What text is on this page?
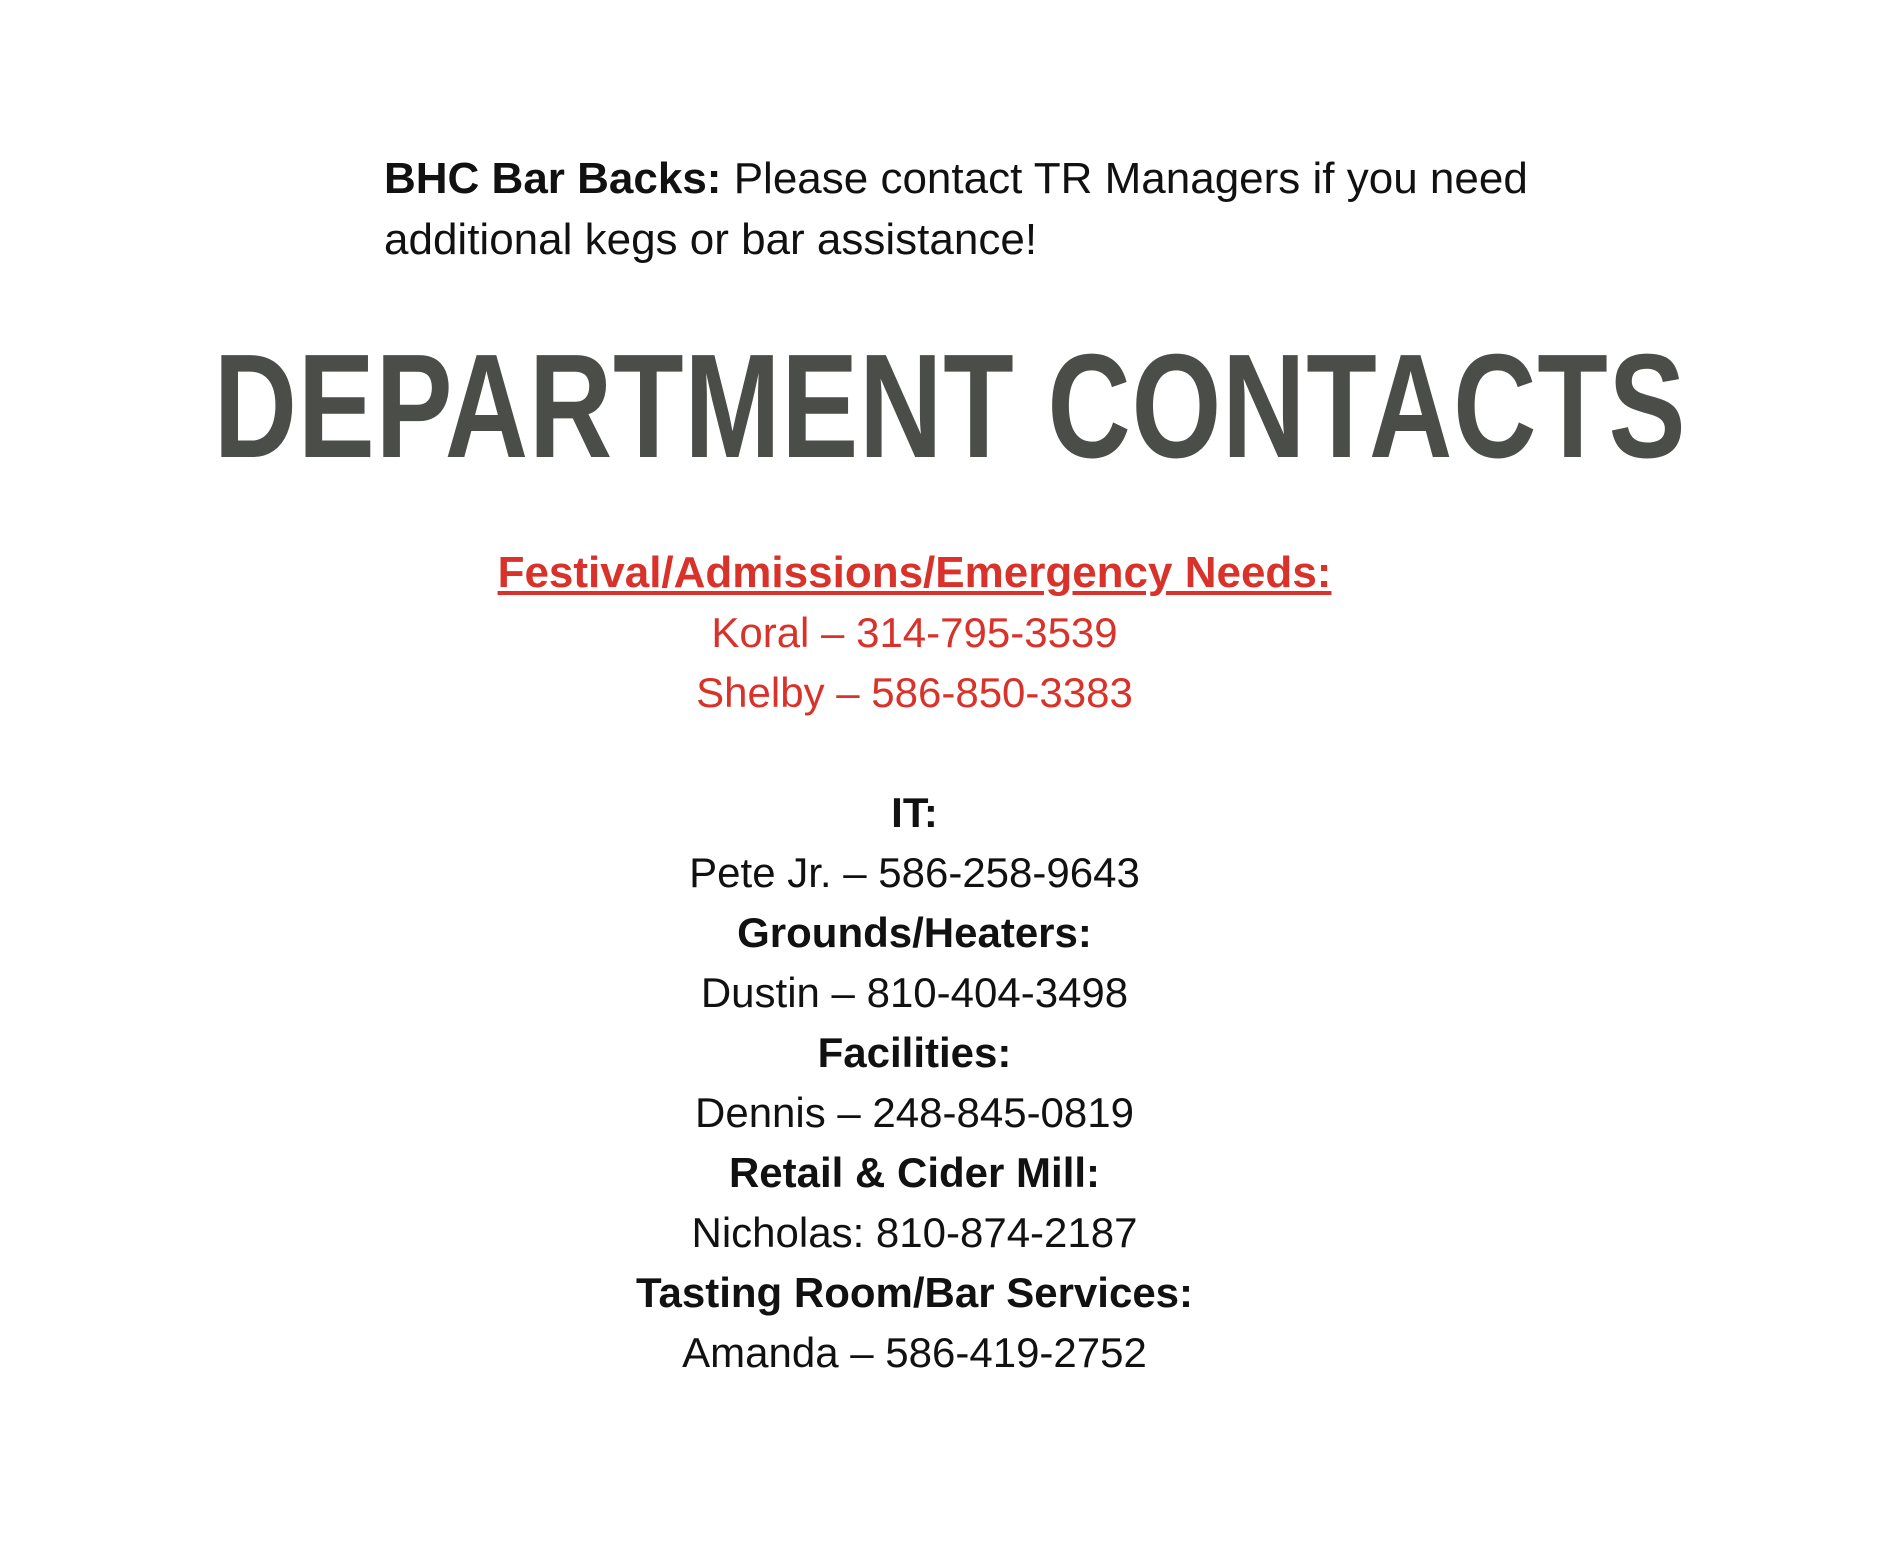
BHC Bar Backs: Please contact TR Managers if you need additional kegs or bar assistance!
DEPARTMENT CONTACTS
Festival/Admissions/Emergency Needs:
Koral – 314-795-3539
Shelby – 586-850-3383
IT:
Pete Jr. – 586-258-9643
Grounds/Heaters:
Dustin – 810-404-3498
Facilities:
Dennis – 248-845-0819
Retail & Cider Mill:
Nicholas: 810-874-2187
Tasting Room/Bar Services:
Amanda – 586-419-2752
